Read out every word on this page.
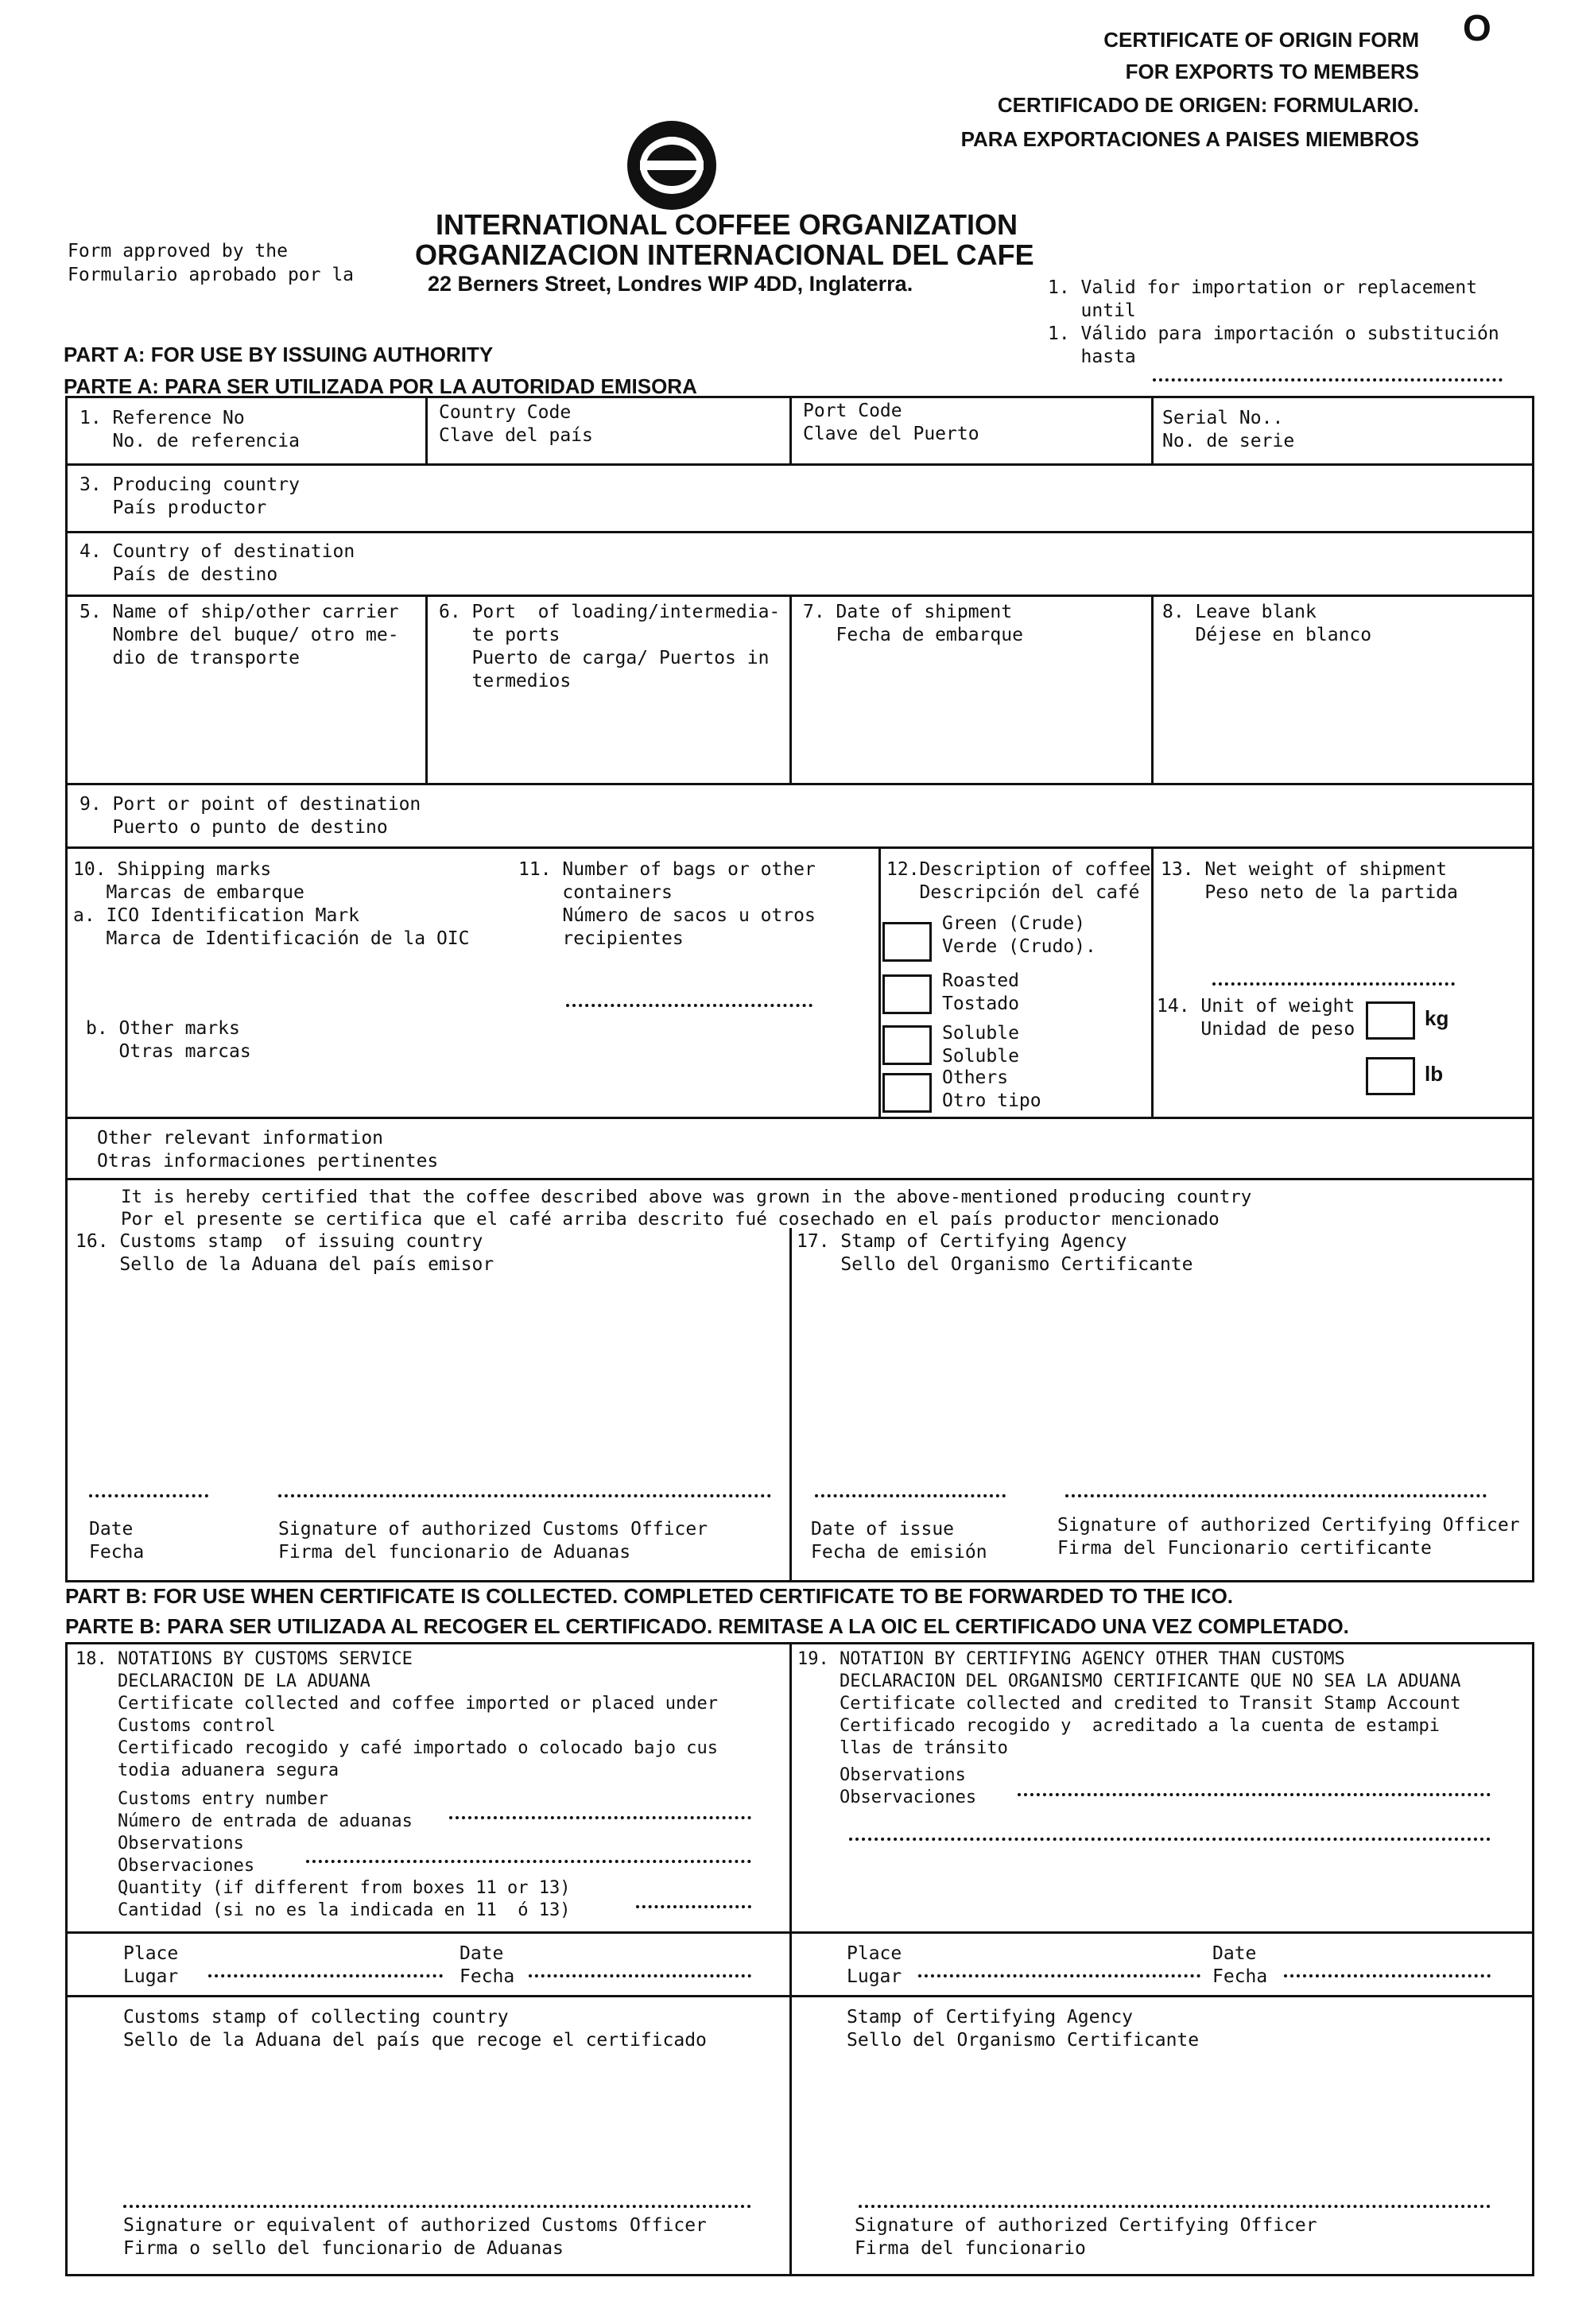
O
CERTIFICATE OF ORIGIN FORM
FOR EXPORTS TO MEMBERS
CERTIFICADO DE ORIGEN: FORMULARIO.
PARA EXPORTACIONES A PAISES MIEMBROS
INTERNATIONAL COFFEE ORGANIZATION
ORGANIZACION INTERNACIONAL DEL CAFE
22 Berners Street, Londres WIP 4DD, Inglaterra.
Form approved by the
Formulario aprobado por la
1. Valid for importation or replacement
until
1. Válido para importación o substitución
hasta
PART A: FOR USE BY ISSUING AUTHORITY
PARTE A: PARA SER UTILIZADA POR LA AUTORIDAD EMISORA
1. Reference No
No. de referencia
Country Code
Clave del país
Port Code
Clave del Puerto
Serial No..
No. de serie
3. Producing country
País productor
4. Country of destination
País de destino
5. Name of ship/other carrier
Nombre del buque/ otro me-
dio de transporte
6. Port  of loading/intermedia-
te ports
Puerto de carga/ Puertos in
termedios
7. Date of shipment
Fecha de embarque
8. Leave blank
Déjese en blanco
9. Port or point of destination
Puerto o punto de destino
10. Shipping marks
Marcas de embarque
a. ICO Identification Mark
Marca de Identificación de la OIC
b. Other marks
Otras marcas
11. Number of bags or other
containers
Número de sacos u otros
recipientes
12.Description of coffee
Descripción del café
Green (Crude)
Verde (Crudo).
Roasted
Tostado
Soluble
Soluble
Others
Otro tipo
13. Net weight of shipment
Peso neto de la partida
14. Unit of weight
Unidad de peso	kg
lb
Other relevant information
Otras informaciones pertinentes
It is hereby certified that the coffee described above was grown in the above-mentioned producing country
Por el presente se certifica que el café arriba descrito fué cosechado en el país productor mencionado
16. Customs stamp  of issuing country
Sello de la Aduana del país emisor
17. Stamp of Certifying Agency
Sello del Organismo Certificante
Date
Fecha
Signature of authorized Customs Officer
Firma del funcionario de Aduanas
Date of issue
Fecha de emisión
Signature of authorized Certifying Officer
Firma del Funcionario certificante
PART B: FOR USE WHEN CERTIFICATE IS COLLECTED. COMPLETED CERTIFICATE TO BE FORWARDED TO THE ICO.
PARTE B: PARA SER UTILIZADA AL RECOGER EL CERTIFICADO. REMITASE A LA OIC EL CERTIFICADO UNA VEZ COMPLETADO.
18. NOTATIONS BY CUSTOMS SERVICE
DECLARACION DE LA ADUANA
Certificate collected and coffee imported or placed under
Customs control
Certificado recogido y café importado o colocado bajo cus
todia aduanera segura
Customs entry number
Número de entrada de aduanas
Observations
Observaciones
Quantity (if different from boxes 11 or 13)
Cantidad (si no es la indicada en 11  ó 13)
19. NOTATION BY CERTIFYING AGENCY OTHER THAN CUSTOMS
DECLARACION DEL ORGANISMO CERTIFICANTE QUE NO SEA LA ADUANA
Certificate collected and credited to Transit Stamp Account
Certificado recogido y  acreditado a la cuenta de estampi
llas de tránsito
Observations
Observaciones
Place
Lugar
Date
Fecha
Place
Lugar
Date
Fecha
Customs stamp of collecting country
Sello de la Aduana del país que recoge el certificado
Signature or equivalent of authorized Customs Officer
Firma o sello del funcionario de Aduanas
Stamp of Certifying Agency
Sello del Organismo Certificante
Signature of authorized Certifying Officer
Firma del funcionario
